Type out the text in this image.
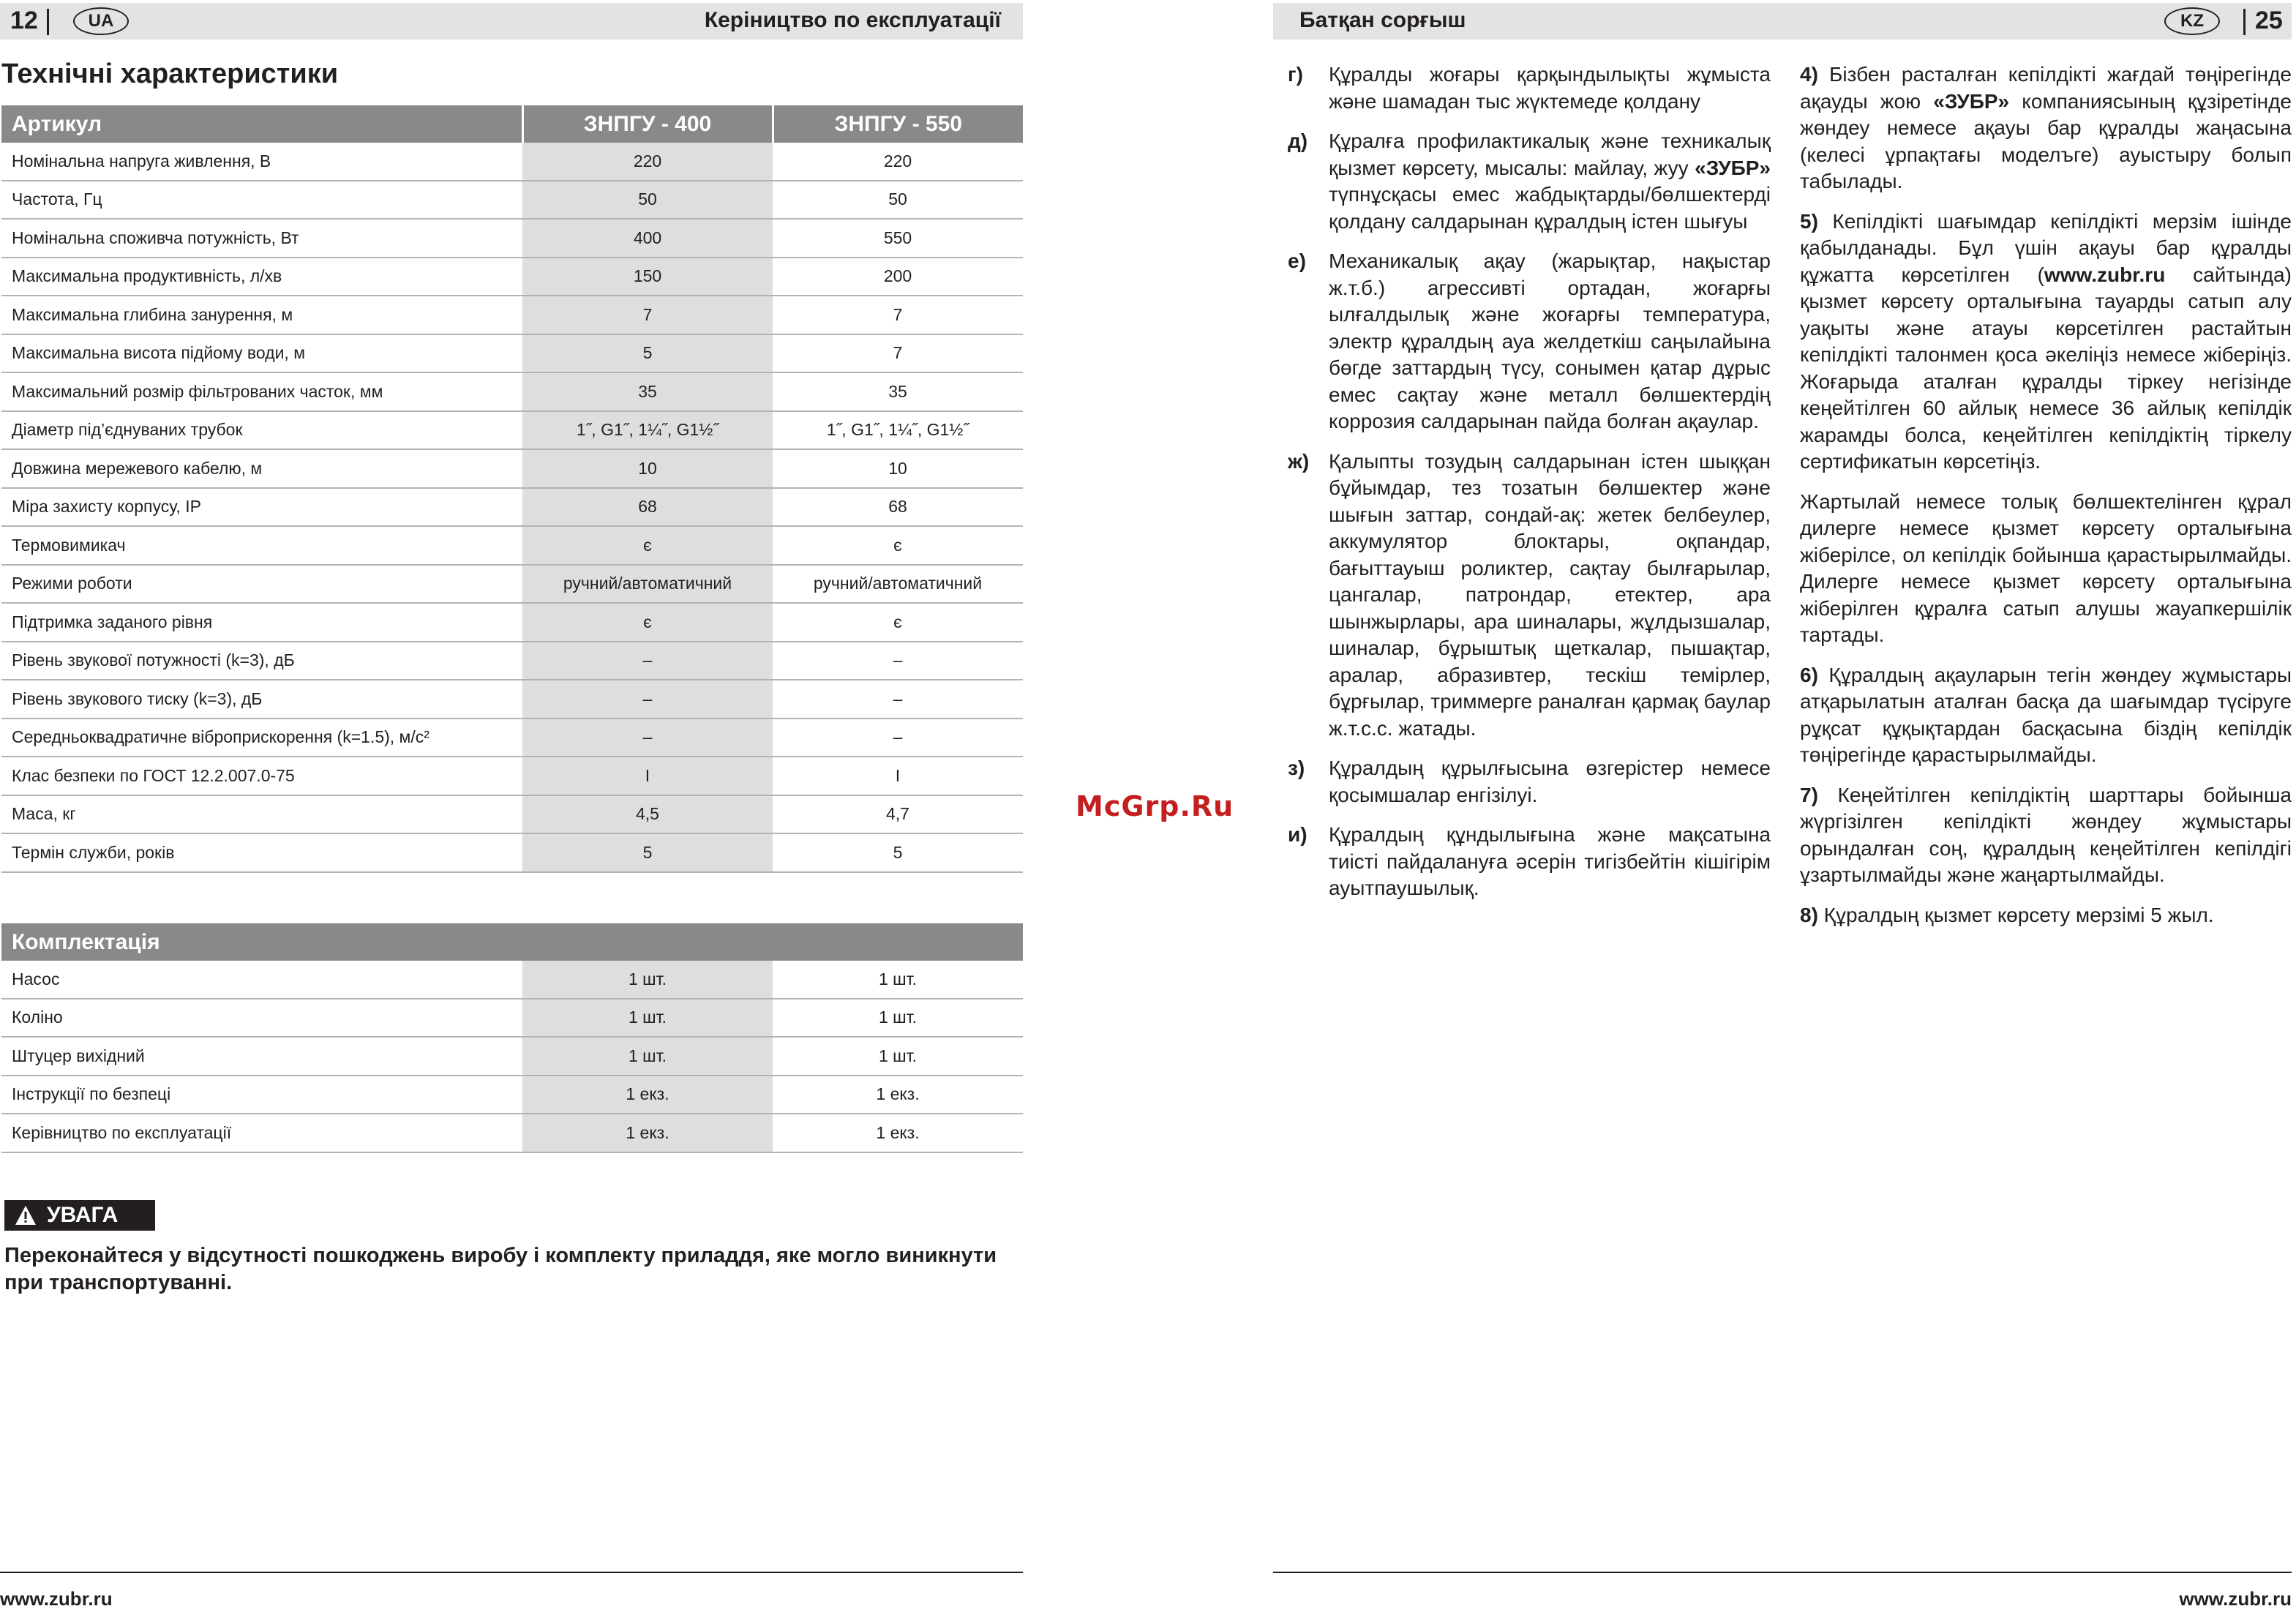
12	UA	Керіництво по експлуатації
Технічні характеристики
Артикул	ЗНПГУ - 400	ЗНПГУ - 550
Номінальна напруга живлення, В	220	220
Частота, Гц	50	50
Номінальна споживча потужність, Вт	400	550
Максимальна продуктивність, л/хв	150	200
Максимальна глибина занурення, м	7	7
Максимальна висота підйому води, м	5	7
Максимальний розмір фільтрованих часток, мм	35	35
Діаметр під’єднуваних трубок	1˝, G1˝, 1¼˝, G1½˝	1˝, G1˝, 1¼˝, G1½˝
Довжина мережевого кабелю, м	10	10
Міра захисту корпусу, IP	68	68
Термовимикач	є	є
Режими роботи	ручний/автоматичний	ручний/автоматичний
Підтримка заданого рівня	є	є
Рівень звукової потужності (k=3), дБ	–	–
Рівень звукового тиску (k=3), дБ	–	–
Середньоквадратичне віброприскорення (k=1.5), м/с²	–	–
Клас безпеки по ГОСТ 12.2.007.0-75	I	I
Маса, кг	4,5	4,7
Термін служби, років	5	5
Комплектація		
Насос	1 шт.	1 шт.
Коліно	1 шт.	1 шт.
Штуцер вихідний	1 шт.	1 шт.
Інструкції по безпеці	1 екз.	1 екз.
Керівництво по експлуатації	1 екз.	1 екз.
УВАГА
Переконайтеся у відсутності пошкоджень виробу і комплекту приладдя, яке могло виникнути при транспортуванні.
www.zubr.ru
McGrp.Ru
Батқан сорғыш	KZ	25
г) Құралды жоғары қарқындылықты жұмыста және шамадан тыс жүктемеде қолдану
д) Құралға профилактикалық және техникалық қызмет көрсету, мысалы: майлау, жуу «ЗУБР» түпнұсқасы емес жабдықтарды/бөлшектерді қолдану салдарынан құралдың істен шығуы
е) Механикалық ақау (жарықтар, нақыстар ж.т.б.) агрессивті ортадан, жоғарғы ылғалдылық және жоғарғы температура, электр құралдың ауа желдеткіш саңылайына бөгде заттардың түсу, сонымен қатар дұрыс емес сақтау және металл бөлшектердің коррозия салдарынан пайда болған ақаулар.
ж) Қалыпты тозудың салдарынан істен шыққан бұйымдар, тез тозатын бөлшектер және шығын заттар, сондай-ақ: жетек белбеулер, аккумулятор блоктары, оқпандар, бағыттауыш роликтер, сақтау былғарылар, цангалар, патрондар, етектер, ара шынжырлары, ара шиналары, жұлдызшалар, шиналар, бұрыштық щеткалар, пышақтар, аралар, абразивтер, тескіш темірлер, бұрғылар, триммерге раналған қармақ баулар ж.т.с.с. жатады.
з) Құралдың құрылғысына өзгерістер немесе қосымшалар енгізілуі.
и) Құралдың құндылығына және мақсатына тиісті пайдалануға әсерін тигізбейтін кішігірім ауытпаушылық.
4) Бізбен расталған кепілдікті жағдай төңірегінде ақауды жою «ЗУБР» компаниясының құзіретінде жөндеу немесе ақауы бар құралды жаңасына (келесі ұрпақтағы моделъге) ауыстыру болып табылады.
5) Кепілдікті шағымдар кепілдікті мерзім ішінде қабылданады. Бұл үшін ақауы бар құралды құжатта көрсетілген (www.zubr.ru сайтында) қызмет көрсету орталығына тауарды сатып алу уақыты және атауы көрсетілген растайтын кепілдікті талонмен қоса әкеліңіз немесе жіберіңіз. Жоғарыда аталған құралды тіркеу негізінде кеңейтілген 60 айлық немесе 36 айлық кепілдік жарамды болса, кеңейтілген кепілдіктің тіркелу сертификатын көрсетіңіз.
Жартылай немесе толық бөлшектелінген құрал дилерге немесе қызмет көрсету орталығына жіберілсе, ол кепілдік бойынша қарастырылмайды. Дилерге немесе қызмет көрсету орталығына жіберілген құралға сатып алушы жауапкершілік тартады.
6) Құралдың ақауларын тегін жөндеу жұмыстары атқарылатын аталған басқа да шағымдар түсіруге рұқсат құқықтардан басқасына біздің кепілдік төңірегінде қарастырылмайды.
7) Кеңейтілген кепілдіктің шарттары бойынша жүргізілген кепілдікті жөндеу жұмыстары орындалған соң, құралдың кеңейтілген кепілдігі ұзартылмайды және жаңартылмайды.
8) Құралдың қызмет көрсету мерзімі 5 жыл.
www.zubr.ru
